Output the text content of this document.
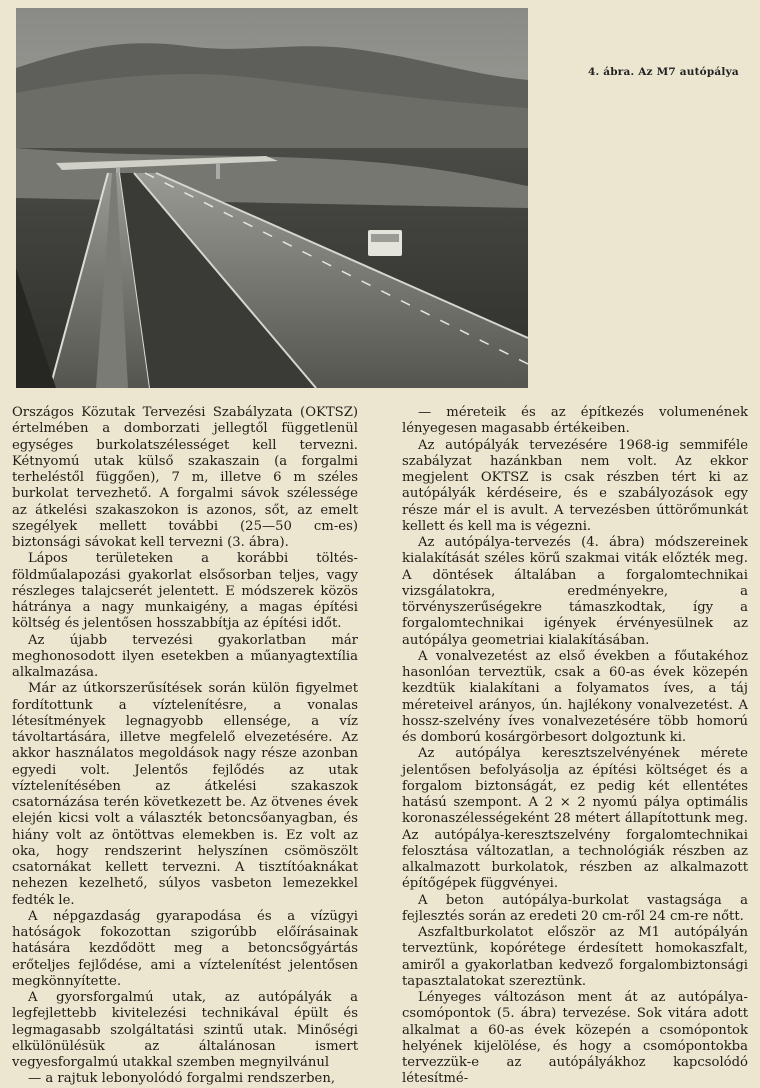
4. ábra. Az M7 autópálya

Országos Közutak Tervezési Szabályzata (OKTSZ) értelmében a domborzati jellegtől függetlenül egységes burkolatszélességet kell tervezni. Kétnyomú utak külső szakaszain (a forgalmi terheléstől függően), 7 m, illetve 6 m széles burkolat tervezhető. A forgalmi sávok szélessége az átkelési szakaszokon is azonos, sőt, az emelt szegélyek mellett további (25—50 cm-es) biztonsági sávokat kell tervezni (3. ábra).

Lápos területeken a korábbi töltés-földműalapozási gyakorlat elsősorban teljes, vagy részleges talajcserét jelentett. E módszerek közös hátránya a nagy munkaigény, a magas építési költség és jelentősen hosszabbítja az építési időt.

Az újabb tervezési gyakorlatban már meghonosodott ilyen esetekben a műanyagtextília alkalmazása.

Már az útkorszerűsítések során külön figyelmet fordítottunk a víztelenítésre, a vonalas létesítmények legnagyobb ellensége, a víz távoltartására, illetve megfelelő elvezetésére. Az akkor használatos megoldások nagy része azonban egyedi volt. Jelentős fejlődés az utak víztelenítésében az átkelési szakaszok csatornázása terén következett be. Az ötvenes évek elején kicsi volt a választék betoncsőanyagban, és hiány volt az öntöttvas elemekben is. Ez volt az oka, hogy rendszerint helyszínen csömöszölt csatornákat kellett tervezni. A tisztítóaknákat nehezen kezelhető, súlyos vasbeton lemezekkel fedték le.

A népgazdaság gyarapodása és a vízügyi hatóságok fokozottan szigorúbb előírásainak hatására kezdődött meg a betoncsőgyártás erőteljes fejlődése, ami a víztelenítést jelentősen megkönnyítette.

A gyorsforgalmú utak, az autópályák a legfejlettebb kivitelezési technikával épült és legmagasabb szolgáltatási szintű utak. Minőségi elkülönülésük az általánosan ismert vegyesforgalmú utakkal szemben megnyilvánul

— a rajtuk lebonyolódó forgalmi rendszerben,

— méreteik és az építkezés volumenének lényegesen magasabb értékeiben.

Az autópályák tervezésére 1968-ig semmiféle szabályzat hazánkban nem volt. Az ekkor megjelent OKTSZ is csak részben tért ki az autópályák kérdéseire, és e szabályozások egy része már el is avult. A tervezésben úttörőmunkát kellett és kell ma is végezni.

Az autópálya-tervezés (4. ábra) módszereinek kialakítását széles körű szakmai viták előzték meg. A döntések általában a forgalomtechnikai vizsgálatokra, eredményekre, a törvényszerűségekre támaszkodtak, így a forgalomtechnikai igények érvényesülnek az autópálya geometriai kialakításában.

A vonalvezetést az első években a főutakéhoz hasonlóan terveztük, csak a 60-as évek közepén kezdtük kialakítani a folyamatos íves, a táj méreteivel arányos, ún. hajlékony vonalvezetést. A hossz-szelvény íves vonalvezetésére több homorú és domború kosárgörbesort dolgoztunk ki.

Az autópálya keresztszelvényének mérete jelentősen befolyásolja az építési költséget és a forgalom biztonságát, ez pedig két ellentétes hatású szempont. A 2 × 2 nyomú pálya optimális koronaszélességeként 28 métert állapítottunk meg. Az autópálya-keresztszelvény forgalomtechnikai felosztása változatlan, a technológiák részben az alkalmazott burkolatok, részben az alkalmazott építőgépek függvényei.

A beton autópálya-burkolat vastagsága a fejlesztés során az eredeti 20 cm-ről 24 cm-re nőtt.

Aszfaltburkolatot először az M1 autópályán terveztünk, kopórétege érdesített homokaszfalt, amiről a gyakorlatban kedvező forgalombiztonsági tapasztalatokat szereztünk.

Lényeges változáson ment át az autópálya-csomópontok (5. ábra) tervezése. Sok vitára adott alkalmat a 60-as évek közepén a csomópontok helyének kijelölése, és hogy a csomópontokba tervezzük-e az autópályákhoz kapcsolódó létesítmé-
